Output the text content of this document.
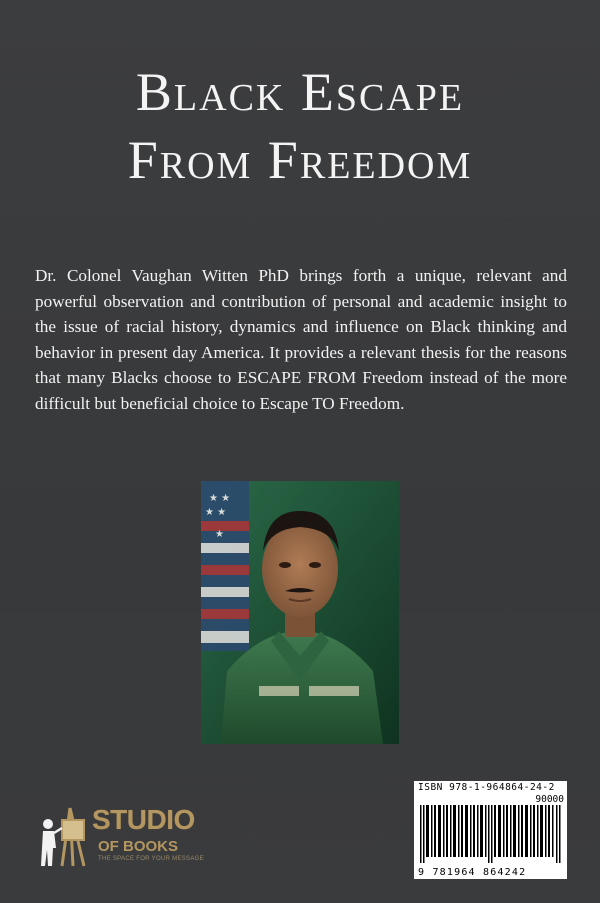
Black Escape
From Freedom
Dr. Colonel Vaughan Witten PhD brings forth a unique, relevant and powerful observation and contribution of personal and academic insight to the issue of racial history, dynamics and influence on Black thinking and behavior in present day America. It provides a relevant thesis for the reasons that many Blacks choose to ESCAPE FROM Freedom instead of the more difficult but beneficial choice to Escape TO Freedom.
★ ★
★ ★
★
ISBN 978-1-964864-24-2
90000
9 781964 864242
STUDIO
OF BOOKS
THE SPACE FOR YOUR MESSAGE
